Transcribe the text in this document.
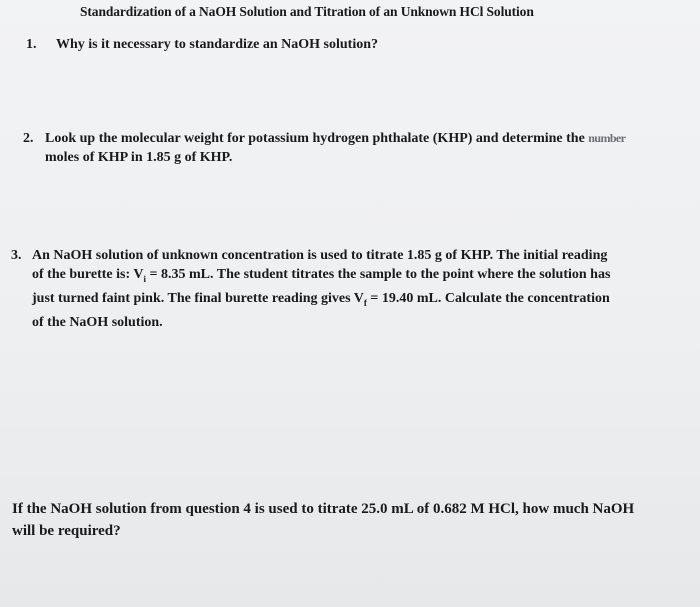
Standardization of a NaOH Solution and Titration of an Unknown HCl Solution
1. Why is it necessary to standardize an NaOH solution?
2. Look up the molecular weight for potassium hydrogen phthalate (KHP) and determine the number
moles of KHP in 1.85 g of KHP.
3. An NaOH solution of unknown concentration is used to titrate 1.85 g of KHP. The initial reading
of the burette is: $V_i = 8.35$ mL. The student titrates the sample to the point where the solution has
just turned faint pink. The final burette reading gives $V_f = 19.40$ mL. Calculate the concentration
of the NaOH solution.
If the NaOH solution from question 4 is used to titrate 25.0 mL of 0.682 M HCl, how much NaOH
will be required?
